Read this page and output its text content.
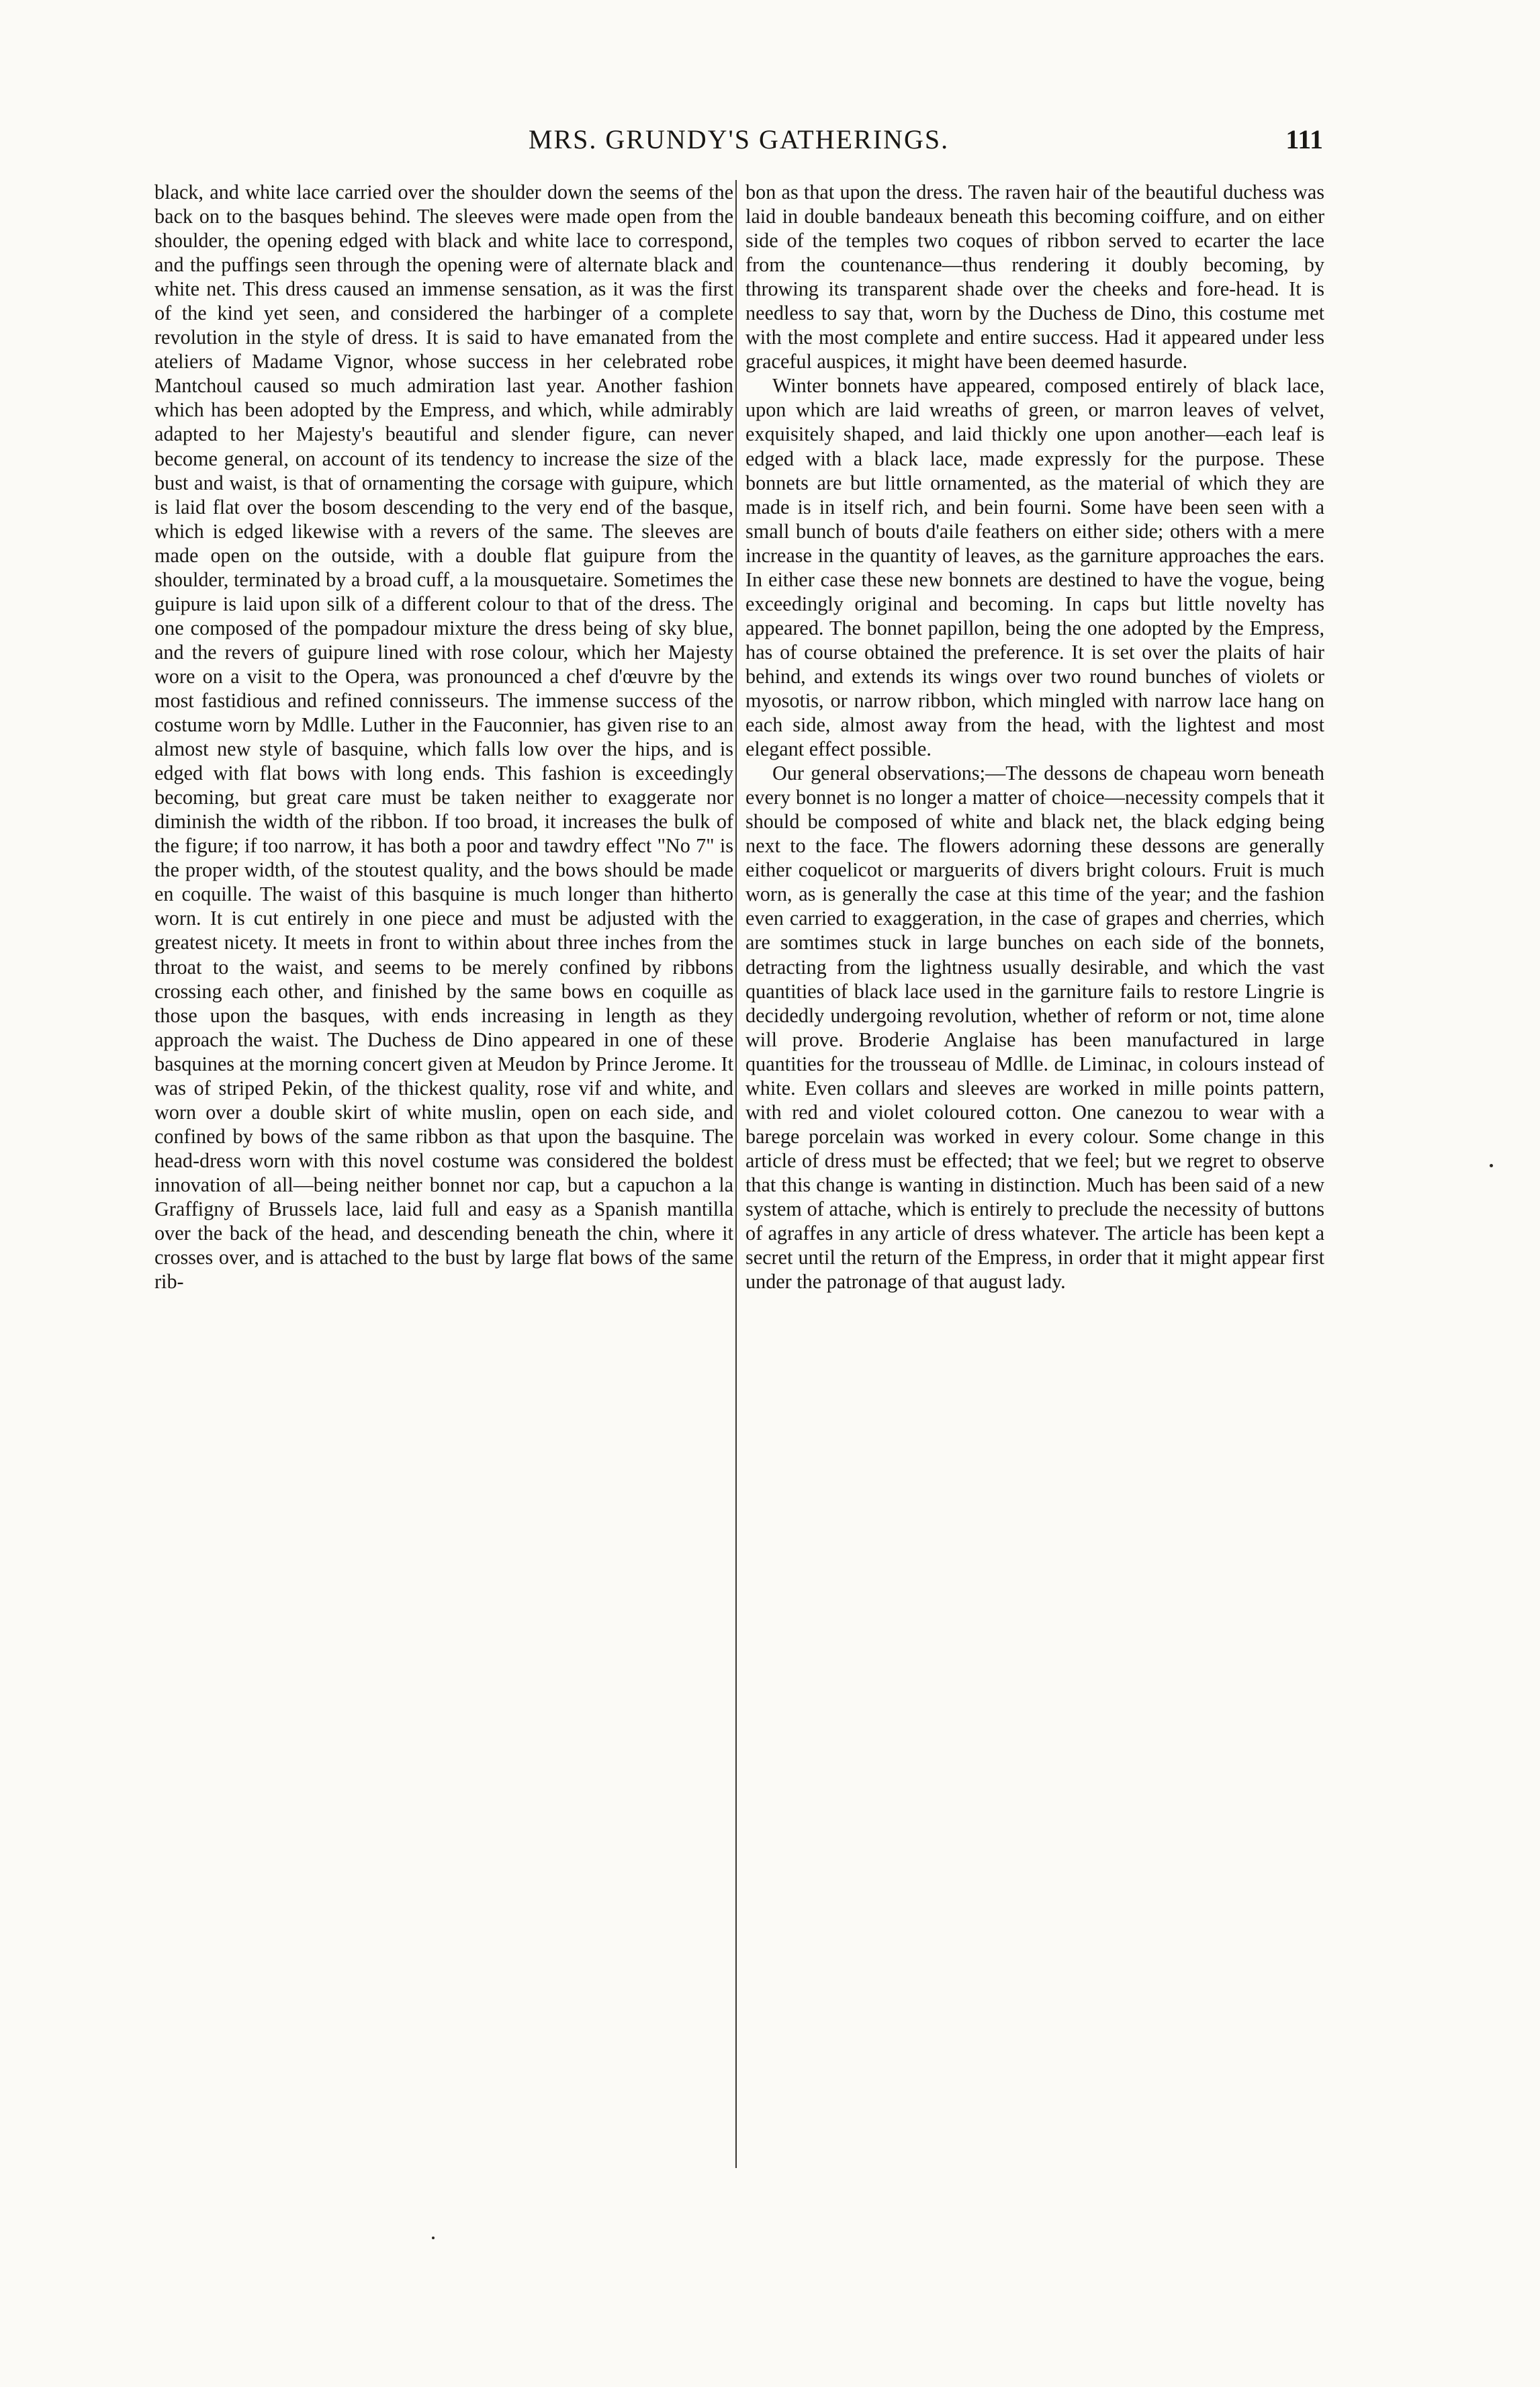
MRS. GRUNDY'S GATHERINGS.	111

black, and white lace carried over the shoulder down the seems of the back on to the basques behind. The sleeves were made open from the shoulder, the opening edged with black and white lace to correspond, and the puffings seen through the opening were of alternate black and white net. This dress caused an immense sensation, as it was the first of the kind yet seen, and considered the harbinger of a complete revolution in the style of dress. It is said to have emanated from the ateliers of Madame Vignor, whose success in her celebrated robe Mantchoul caused so much admiration last year. Another fashion which has been adopted by the Empress, and which, while admirably adapted to her Majesty's beautiful and slender figure, can never become general, on account of its tendency to increase the size of the bust and waist, is that of ornamenting the corsage with guipure, which is laid flat over the bosom descending to the very end of the basque, which is edged likewise with a revers of the same. The sleeves are made open on the outside, with a double flat guipure from the shoulder, terminated by a broad cuff, a la mousquetaire. Sometimes the guipure is laid upon silk of a different colour to that of the dress. The one composed of the pompadour mixture the dress being of sky blue, and the revers of guipure lined with rose colour, which her Majesty wore on a visit to the Opera, was pronounced a chef d'œuvre by the most fastidious and refined connisseurs. The immense success of the costume worn by Mdlle. Luther in the Fauconnier, has given rise to an almost new style of basquine, which falls low over the hips, and is edged with flat bows with long ends. This fashion is exceedingly becoming, but great care must be taken neither to exaggerate nor diminish the width of the ribbon. If too broad, it increases the bulk of the figure; if too narrow, it has both a poor and tawdry effect "No 7" is the proper width, of the stoutest quality, and the bows should be made en coquille. The waist of this basquine is much longer than hitherto worn. It is cut entirely in one piece and must be adjusted with the greatest nicety. It meets in front to within about three inches from the throat to the waist, and seems to be merely confined by ribbons crossing each other, and finished by the same bows en coquille as those upon the basques, with ends increasing in length as they approach the waist. The Duchess de Dino appeared in one of these basquines at the morning concert given at Meudon by Prince Jerome. It was of striped Pekin, of the thickest quality, rose vif and white, and worn over a double skirt of white muslin, open on each side, and confined by bows of the same ribbon as that upon the basquine. The head-dress worn with this novel costume was considered the boldest innovation of all—being neither bonnet nor cap, but a capuchon a la Graffigny of Brussels lace, laid full and easy as a Spanish mantilla over the back of the head, and descending beneath the chin, where it crosses over, and is attached to the bust by large flat bows of the same rib-

bon as that upon the dress. The raven hair of the beautiful duchess was laid in double bandeaux beneath this becoming coiffure, and on either side of the temples two coques of ribbon served to ecarter the lace from the countenance—thus rendering it doubly becoming, by throwing its transparent shade over the cheeks and fore-head. It is needless to say that, worn by the Duchess de Dino, this costume met with the most complete and entire success. Had it appeared under less graceful auspices, it might have been deemed hasurde.

Winter bonnets have appeared, composed entirely of black lace, upon which are laid wreaths of green, or marron leaves of velvet, exquisitely shaped, and laid thickly one upon another—each leaf is edged with a black lace, made expressly for the purpose. These bonnets are but little ornamented, as the material of which they are made is in itself rich, and bein fourni. Some have been seen with a small bunch of bouts d'aile feathers on either side; others with a mere increase in the quantity of leaves, as the garniture approaches the ears. In either case these new bonnets are destined to have the vogue, being exceedingly original and becoming. In caps but little novelty has appeared. The bonnet papillon, being the one adopted by the Empress, has of course obtained the preference. It is set over the plaits of hair behind, and extends its wings over two round bunches of violets or myosotis, or narrow ribbon, which mingled with narrow lace hang on each side, almost away from the head, with the lightest and most elegant effect possible.

Our general observations;—The dessons de chapeau worn beneath every bonnet is no longer a matter of choice—necessity compels that it should be composed of white and black net, the black edging being next to the face. The flowers adorning these dessons are generally either coquelicot or marguerits of divers bright colours. Fruit is much worn, as is generally the case at this time of the year; and the fashion even carried to exaggeration, in the case of grapes and cherries, which are somtimes stuck in large bunches on each side of the bonnets, detracting from the lightness usually desirable, and which the vast quantities of black lace used in the garniture fails to restore Lingrie is decidedly undergoing revolution, whether of reform or not, time alone will prove. Broderie Anglaise has been manufactured in large quantities for the trousseau of Mdlle. de Liminac, in colours instead of white. Even collars and sleeves are worked in mille points pattern, with red and violet coloured cotton. One canezou to wear with a barege porcelain was worked in every colour. Some change in this article of dress must be effected; that we feel; but we regret to observe that this change is wanting in distinction. Much has been said of a new system of attache, which is entirely to preclude the necessity of buttons of agraffes in any article of dress whatever. The article has been kept a secret until the return of the Empress, in order that it might appear first under the patronage of that august lady.
